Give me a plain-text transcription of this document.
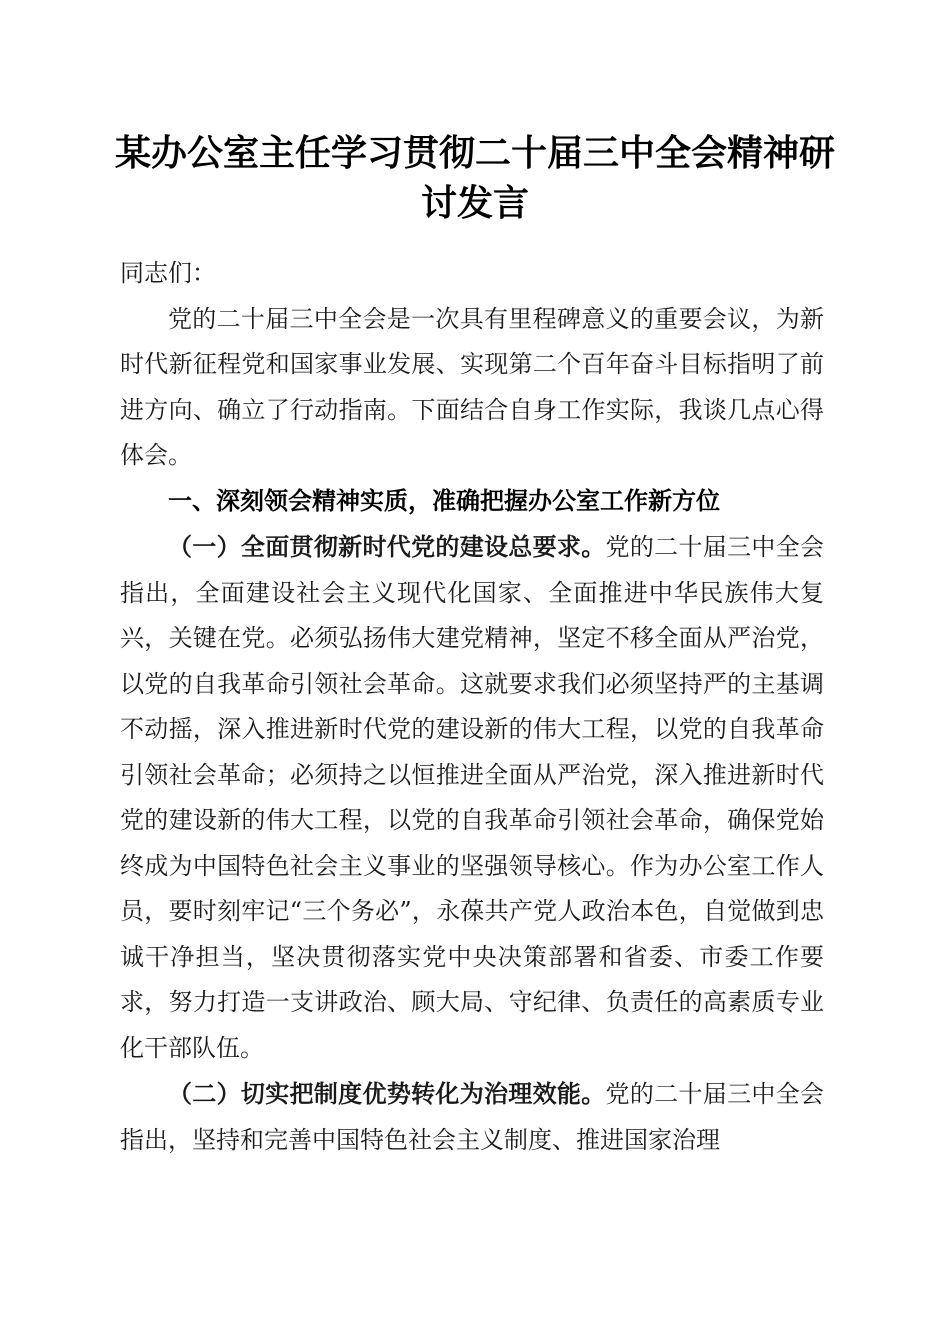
某办公室主任学习贯彻二十届三中全会精神研讨发言

同志们：

党的二十届三中全会是一次具有里程碑意义的重要会议，为新时代新征程党和国家事业发展、实现第二个百年奋斗目标指明了前进方向、确立了行动指南。下面结合自身工作实际，我谈几点心得体会。

一、深刻领会精神实质，准确把握办公室工作新方位

（一）全面贯彻新时代党的建设总要求。党的二十届三中全会指出，全面建设社会主义现代化国家、全面推进中华民族伟大复兴，关键在党。必须弘扬伟大建党精神，坚定不移全面从严治党，以党的自我革命引领社会革命。这就要求我们必须坚持严的主基调不动摇，深入推进新时代党的建设新的伟大工程，以党的自我革命引领社会革命；必须持之以恒推进全面从严治党，深入推进新时代党的建设新的伟大工程，以党的自我革命引领社会革命，确保党始终成为中国特色社会主义事业的坚强领导核心。作为办公室工作人员，要时刻牢记“三个务必”，永葆共产党人政治本色，自觉做到忠诚干净担当，坚决贯彻落实党中央决策部署和省委、市委工作要求，努力打造一支讲政治、顾大局、守纪律、负责任的高素质专业化干部队伍。

（二）切实把制度优势转化为治理效能。党的二十届三中全会指出，坚持和完善中国特色社会主义制度、推进国家治理
